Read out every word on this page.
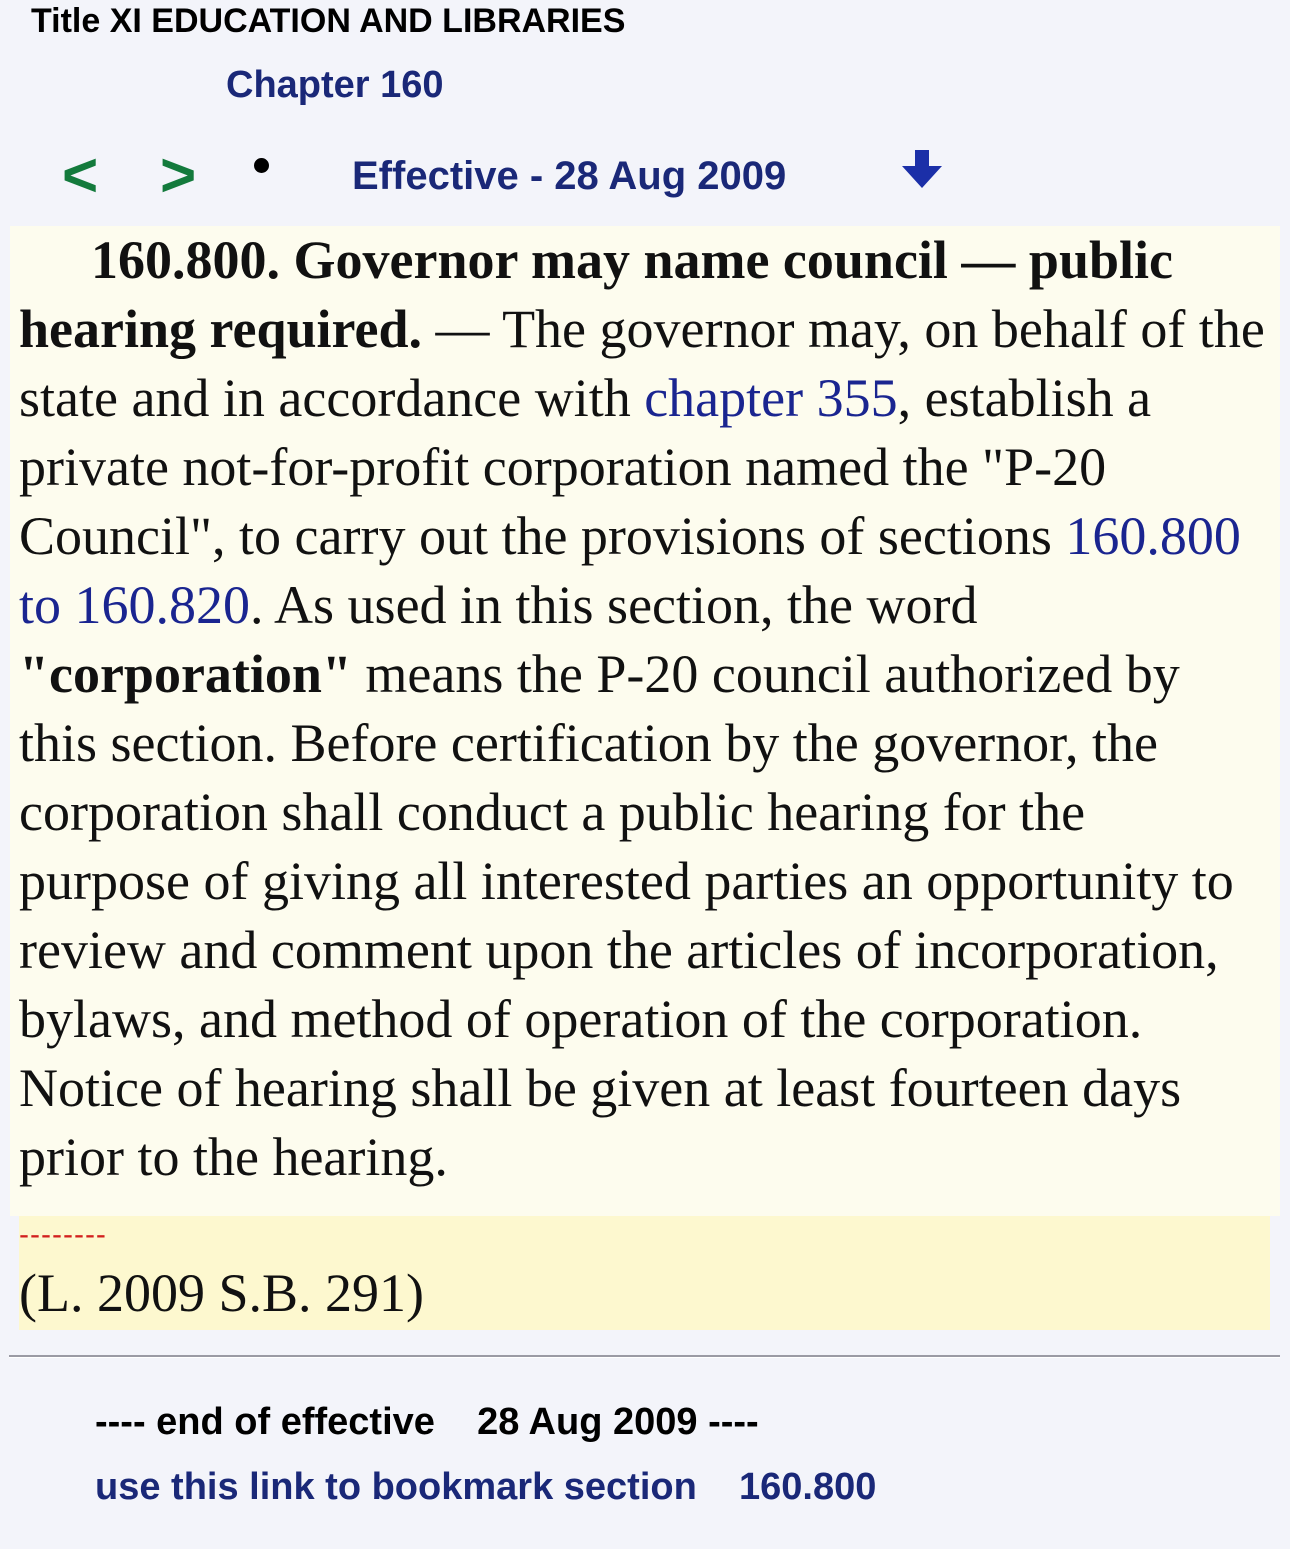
Title XI EDUCATION AND LIBRARIES
Chapter 160
< >	Effective - 28 Aug 2009

160.800. Governor may name council — public hearing required. — The governor may, on behalf of the state and in accordance with chapter 355, establish a private not-for-profit corporation named the "P-20 Council", to carry out the provisions of sections 160.800 to 160.820. As used in this section, the word "corporation" means the P-20 council authorized by this section. Before certification by the governor, the corporation shall conduct a public hearing for the purpose of giving all interested parties an opportunity to review and comment upon the articles of incorporation, bylaws, and method of operation of the corporation. Notice of hearing shall be given at least fourteen days prior to the hearing.

--------

(L. 2009 S.B. 291)

---- end of effective    28 Aug 2009 ----
use this link to bookmark section    160.800
